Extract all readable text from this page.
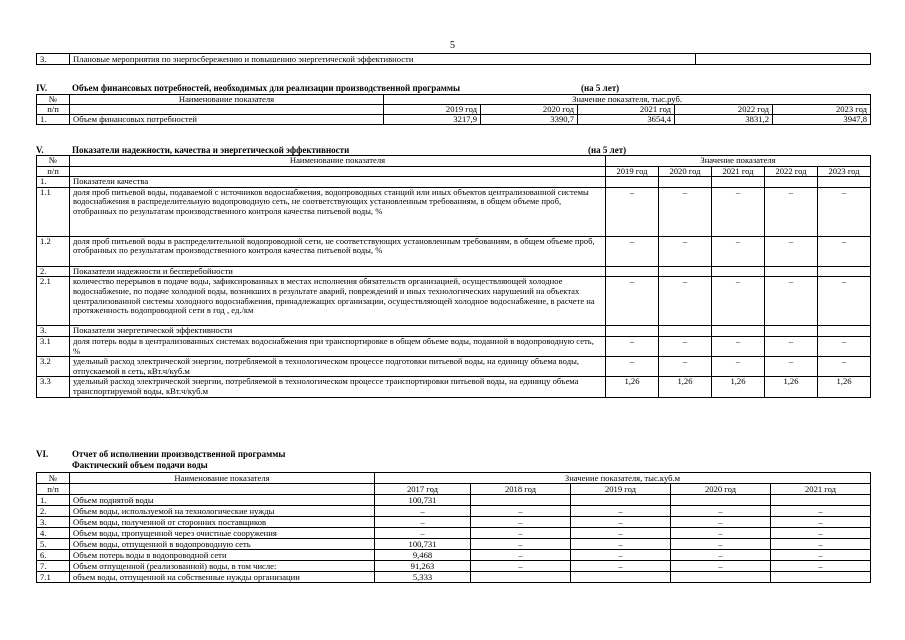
5
3.	Плановые мероприятия по энергосбережению и повышению энергетической эффективности	
IV.	Объем финансовых потребностей, необходимых для реализации производственной программы	(на 5 лет)
№	Наименование показателя	Значение показателя, тыс.руб.				
п/п		2019 год	2020 год	2021 год	2022 год	2023 год
1.	Объем финансовых потребностей	3217,9	3390,7	3654,4	3831,2	3947,8
V.	Показатели надежности, качества и энергетической эффективности	(на 5 лет)
№	Наименование показателя	Значение показателя				
п/п		2019 год	2020 год	2021 год	2022 год	2023 год
1.	Показатели качества					
1.1	доля проб питьевой воды, подаваемой с источников водоснабжения, водопроводных станций или иных объектов централизованной системы водоснабжения в распределительную водопроводную сеть, не соответствующих установленным требованиям, в общем объеме проб, отобранных по результатам производственного контроля качества питьевой воды, %	–	–	–	–	–
1.2	доля проб питьевой воды в распределительной водопроводной сети, не соответствующих установленным требованиям, в общем объеме проб, отобранных по результатам производственного контроля качества питьевой воды, %	–	–	–	–	–
2.	Показатели надежности и бесперебойности					
2.1	количество перерывов в подаче воды, зафиксированных в местах исполнения обязательств организацией, осуществляющей холодное водоснабжение, по подаче холодной воды, возникших в результате аварий, повреждений и иных технологических нарушений на объектах централизованной системы холодного водоснабжения, принадлежащих организации, осуществляющей холодное водоснабжение, в расчете на протяженность водопроводной сети в год , ед./км	–	–	–	–	–
3.	Показатели энергетической эффективности					
3.1	доля потерь воды в централизованных системах водоснабжения при транспортировке в общем объеме воды, поданной в водопроводную сеть, %	–	–	–	–	–
3.2	удельный расход электрической энергии, потребляемой в технологическом процессе подготовки питьевой воды, на единицу объема воды, отпускаемой в сеть, кВт.ч/куб.м	–	–	–	–	–
3.3	удельный расход электрической энергии, потребляемой в технологическом процессе транспортировки питьевой воды, на единицу объема транспортируемой воды, кВт.ч/куб.м	1,26	1,26	1,26	1,26	1,26
VI.	Отчет об исполнении производственной программы
Фактический объем подачи воды
№	Наименование показателя	Значение показателя, тыс.куб.м				
п/п		2017 год	2018 год	2019 год	2020 год	2021 год
1.	Объем поднятой воды	100,731				
2.	Объем воды, используемой на технологические нужды	–	–	–	–	–
3.	Объем воды, полученной от сторонних поставщиков	–	–	–	–	–
4.	Объем воды, пропущенной через очистные сооружения	–	–	–	–	–
5.	Объем воды, отпущенной в водопроводную сеть	100,731	–	–	–	–
6.	Объем потерь воды в водопроводной сети	9,468	–	–	–	–
7.	Объем отпущенной (реализованной) воды, в том числе:	91,263	–	–	–	–
7.1	объем воды, отпущенной на собственные нужды организации	5,333				
